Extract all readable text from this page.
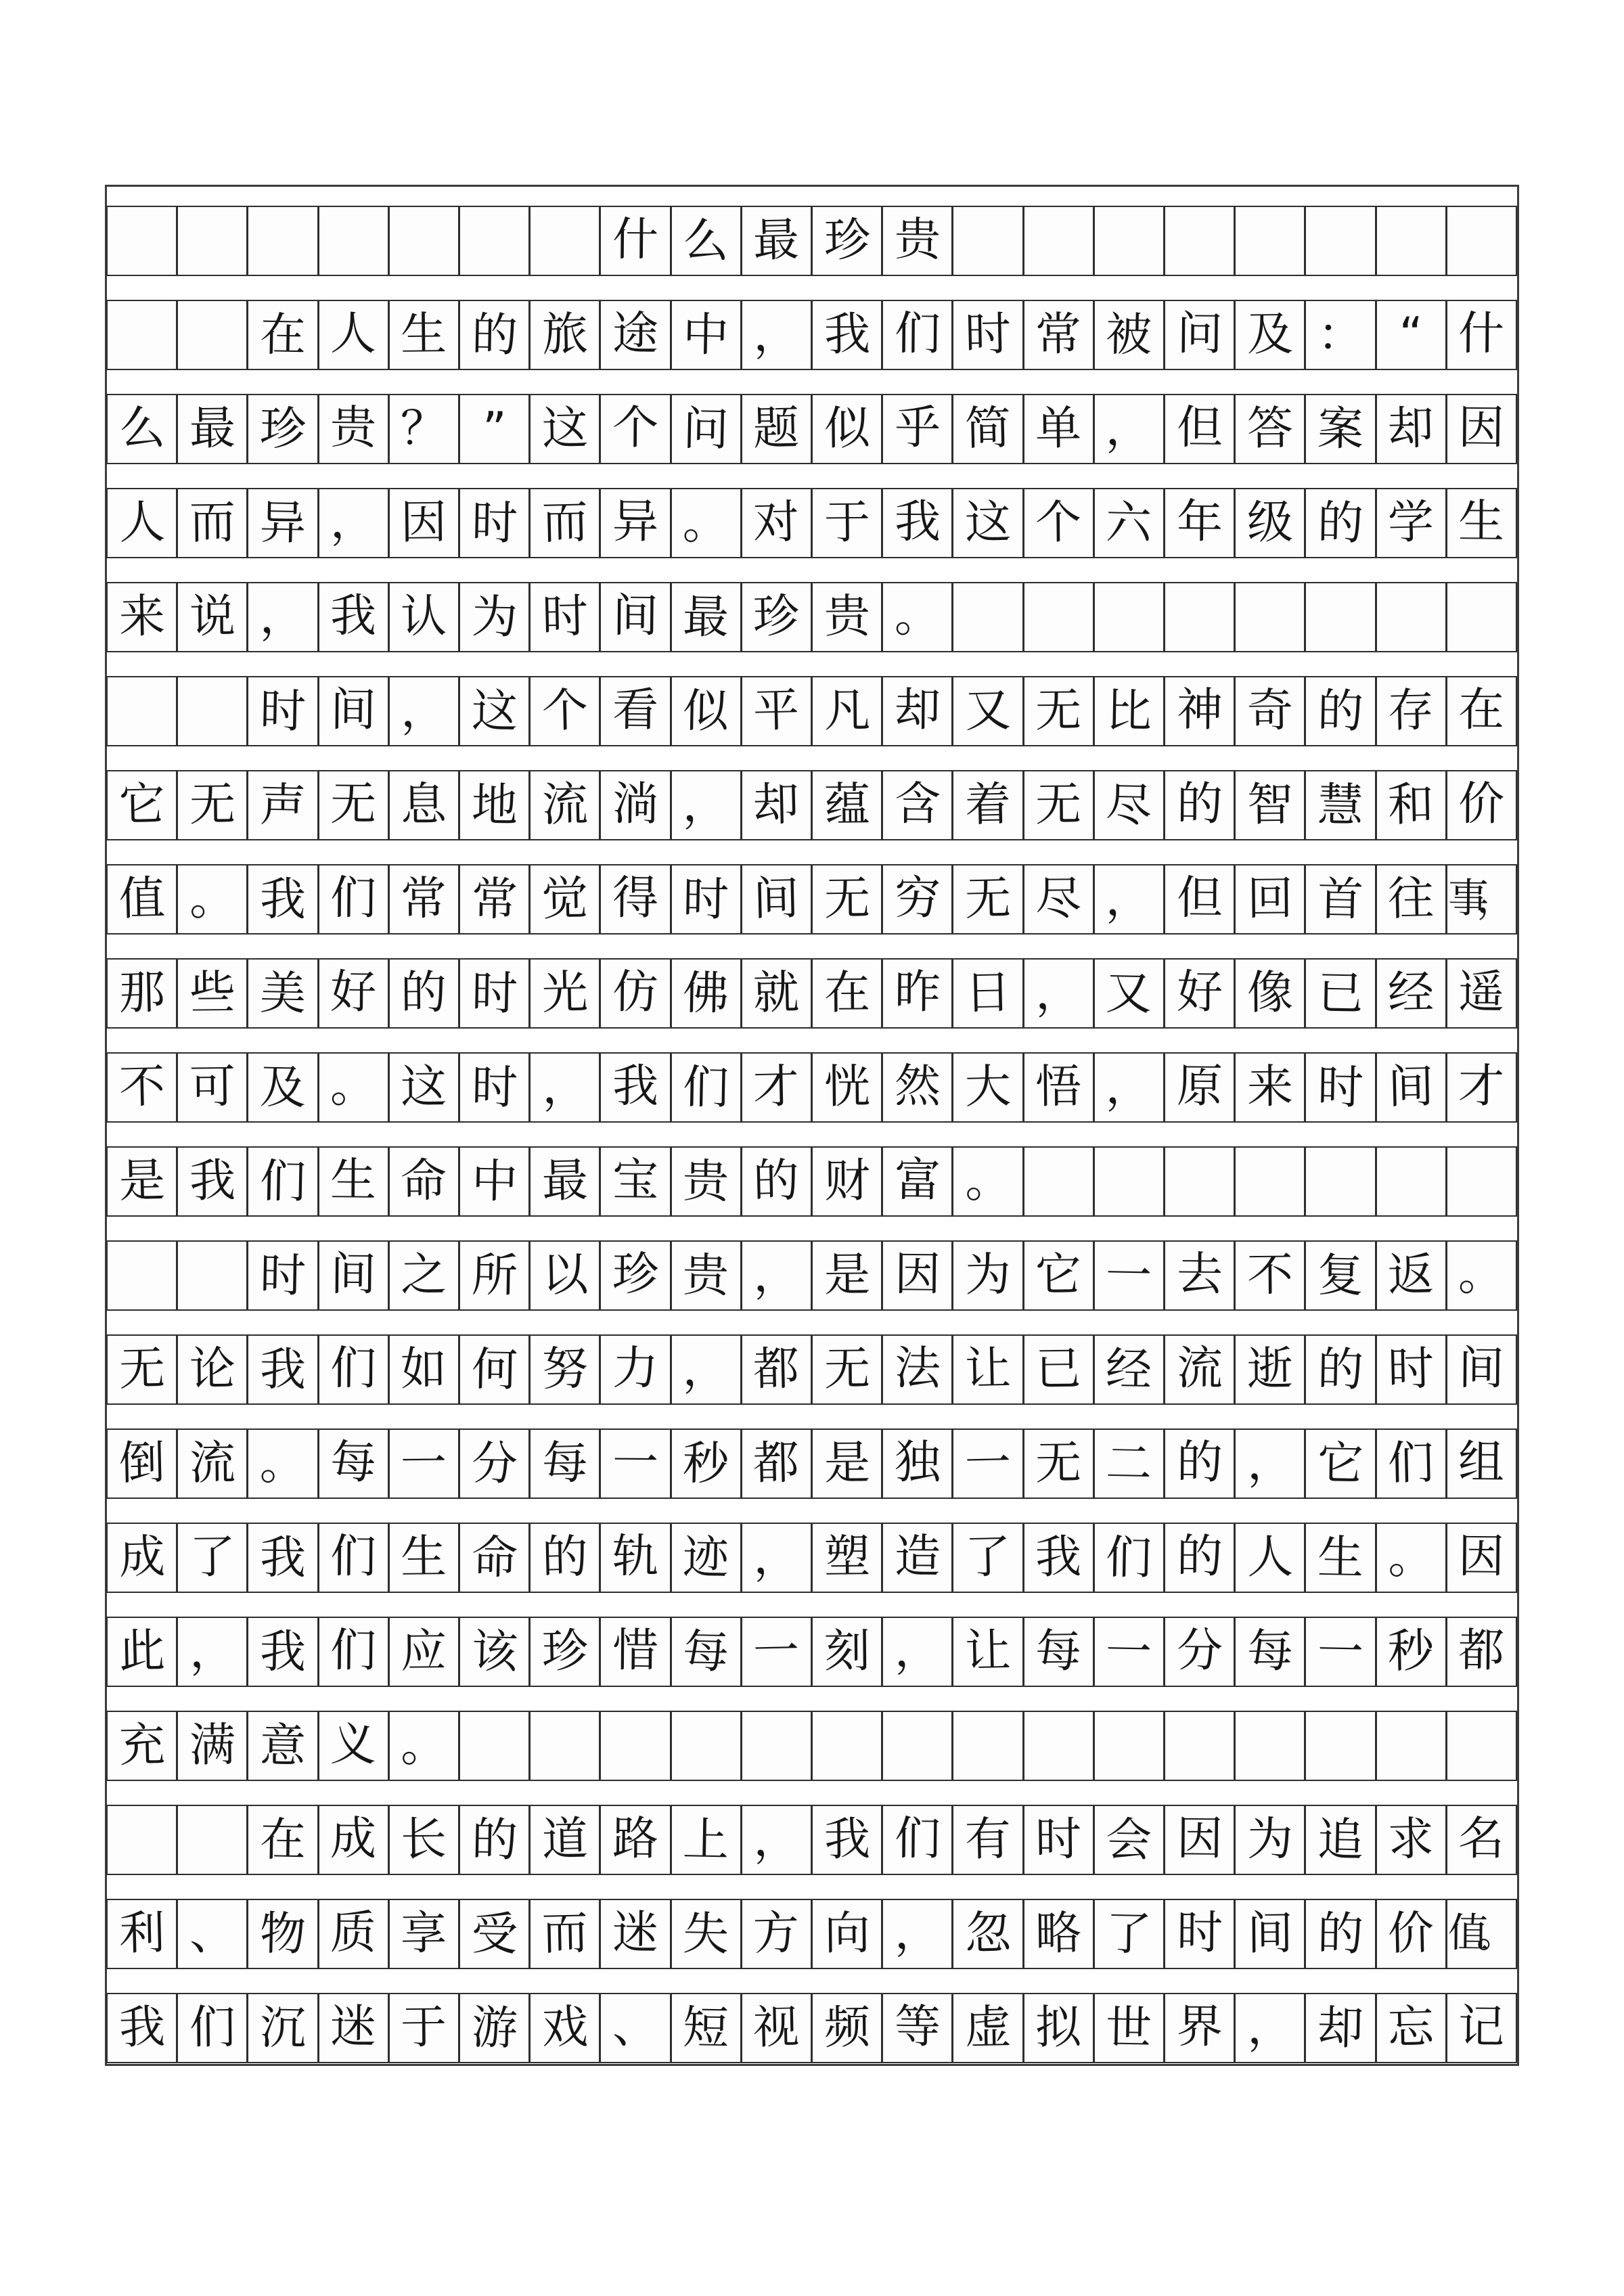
什 么 最 珍 贵
在 人 生 的 旅 途 中 ， 我 们 时 常 被 问 及 ： “ 什
么 最 珍 贵 ？ ” 这 个 问 题 似 乎 简 单 ， 但 答 案 却 因
人 而 异 ， 因 时 而 异 。 对 于 我 这 个 六 年 级 的 学 生
来 说 ， 我 认 为 时 间 最 珍 贵 。
时 间 ， 这 个 看 似 平 凡 却 又 无 比 神 奇 的 存 在
它 无 声 无 息 地 流 淌 ， 却 蕴 含 着 无 尽 的 智 慧 和 价
值 。 我 们 常 常 觉 得 时 间 无 穷 无 尽 ， 但 回 首 往 事，
那 些 美 好 的 时 光 仿 佛 就 在 昨 日 ， 又 好 像 已 经 遥
不 可 及 。 这 时 ， 我 们 才 恍 然 大 悟 ， 原 来 时 间 才
是 我 们 生 命 中 最 宝 贵 的 财 富 。
时 间 之 所 以 珍 贵 ， 是 因 为 它 一 去 不 复 返 。
无 论 我 们 如 何 努 力 ， 都 无 法 让 已 经 流 逝 的 时 间
倒 流 。 每 一 分 每 一 秒 都 是 独 一 无 二 的 ， 它 们 组
成 了 我 们 生 命 的 轨 迹 ， 塑 造 了 我 们 的 人 生 。 因
此 ， 我 们 应 该 珍 惜 每 一 刻 ， 让 每 一 分 每 一 秒 都
充 满 意 义 。
在 成 长 的 道 路 上 ， 我 们 有 时 会 因 为 追 求 名
利 、 物 质 享 受 而 迷 失 方 向 ， 忽 略 了 时 间 的 价 值。
我 们 沉 迷 于 游 戏 、 短 视 频 等 虚 拟 世 界 ， 却 忘 记
